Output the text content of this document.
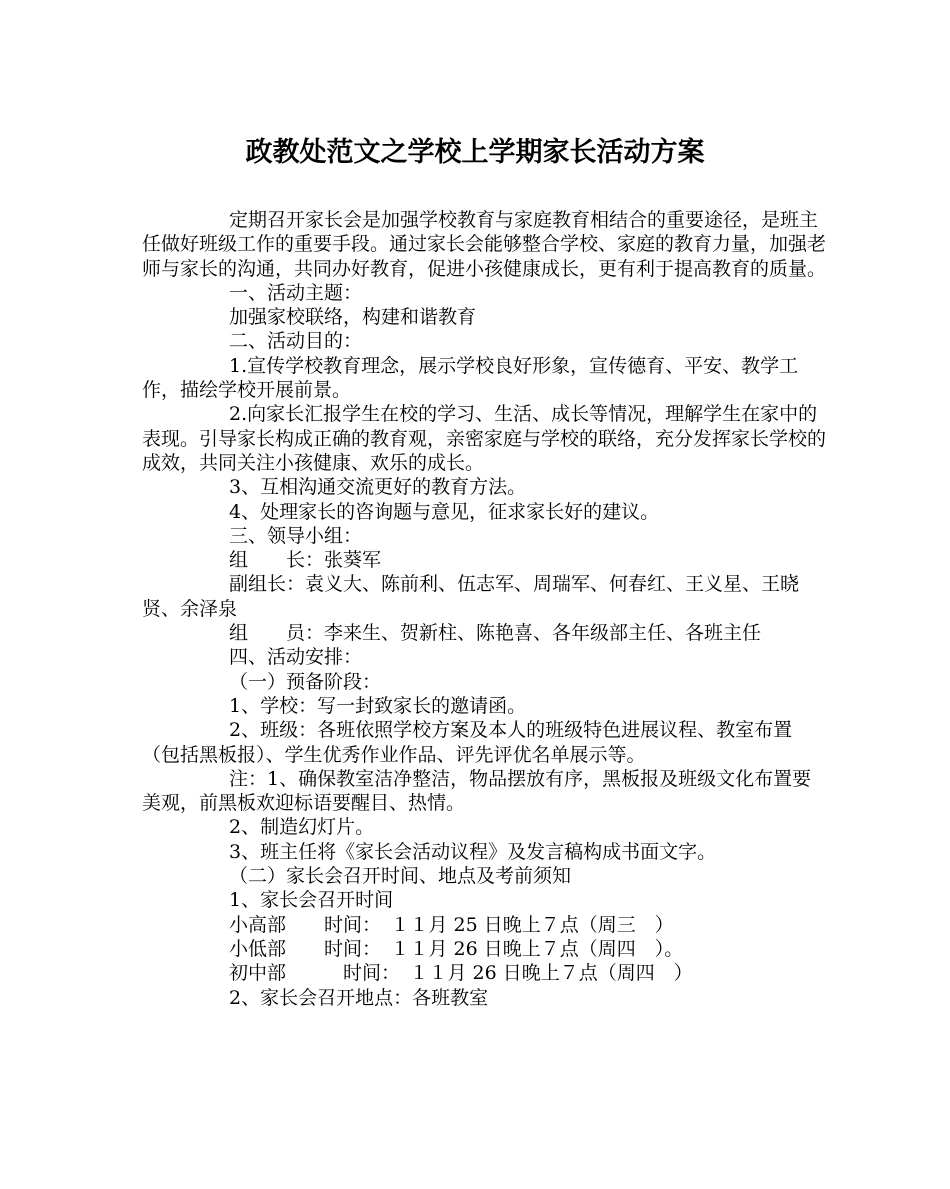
政教处范文之学校上学期家长活动方案

定期召开家长会是加强学校教育与家庭教育相结合的重要途径，是班主任做好班级工作的重要手段。通过家长会能够整合学校、家庭的教育力量，加强老师与家长的沟通，共同办好教育，促进小孩健康成长，更有利于提高教育的质量。

一、活动主题：

加强家校联络，构建和谐教育

二、活动目的：

1.宣传学校教育理念，展示学校良好形象，宣传德育、平安、教学工作，描绘学校开展前景。

2.向家长汇报学生在校的学习、生活、成长等情况，理解学生在家中的表现。引导家长构成正确的教育观，亲密家庭与学校的联络，充分发挥家长学校的成效，共同关注小孩健康、欢乐的成长。

3、互相沟通交流更好的教育方法。

4、处理家长的咨询题与意见，征求家长好的建议。

三、领导小组：

组　　长：张葵军

副组长：袁义大、陈前利、伍志军、周瑞军、何春红、王义星、王晓贤、余泽泉

组　　员：李来生、贺新柱、陈艳喜、各年级部主任、各班主任

四、活动安排：

（一）预备阶段：

1、学校：写一封致家长的邀请函。

2、班级：各班依照学校方案及本人的班级特色进展议程、教室布置（包括黑板报）、学生优秀作业作品、评先评优名单展示等。

注：1、确保教室洁净整洁，物品摆放有序，黑板报及班级文化布置要美观，前黑板欢迎标语要醒目、热情。

2、制造幻灯片。

3、班主任将《家长会活动议程》及发言稿构成书面文字。

（二）家长会召开时间、地点及考前须知

1、家长会召开时间

小高部　　时间：　１１月 25 日晚上７点（周三　）

小低部　　时间：　１１月 26 日晚上７点（周四　）。

初中部　　　时间：　１１月 26 日晚上７点（周四　）

2、家长会召开地点：各班教室
